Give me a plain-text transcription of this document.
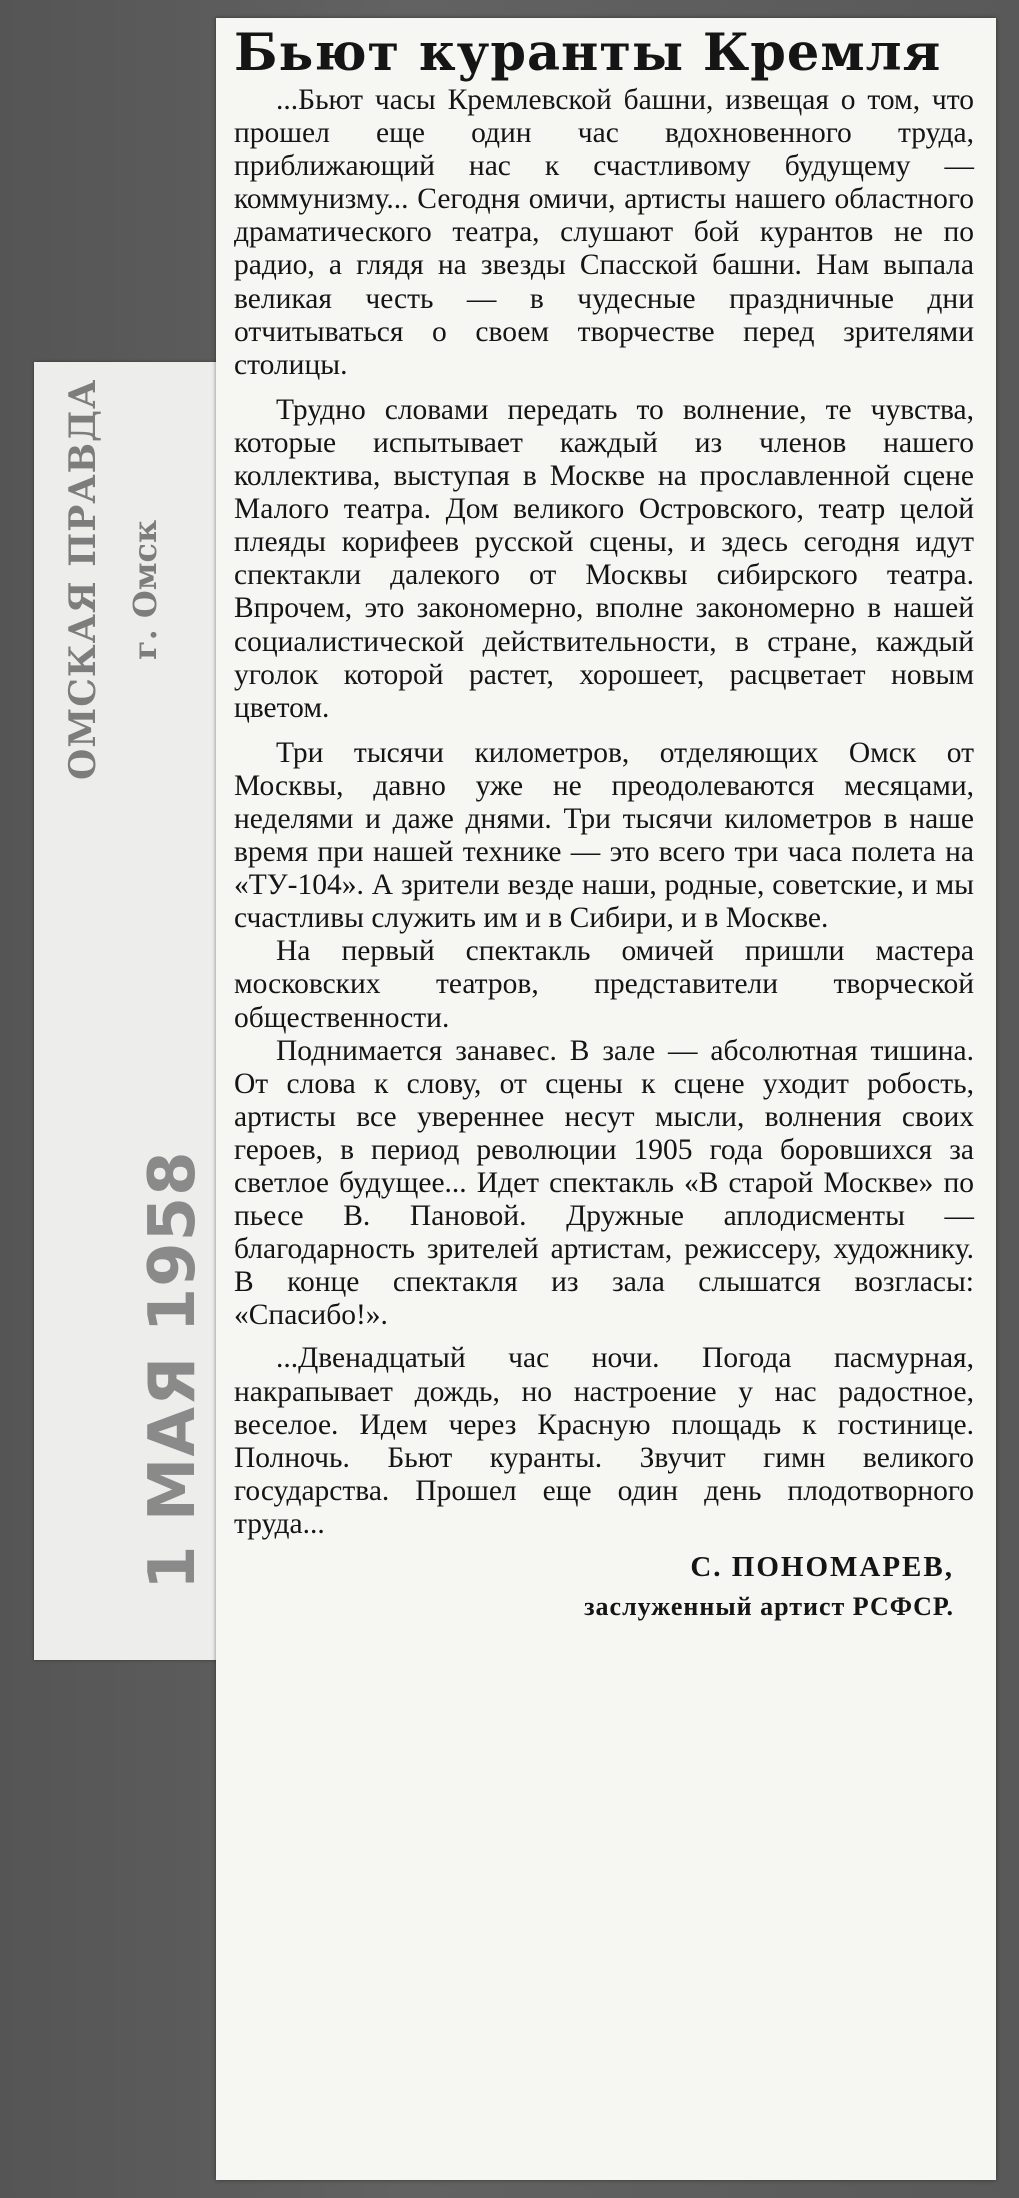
ОМСКАЯ ПРАВДА г. Омск
1 МАЯ 1958
Бьют куранты Кремля

...Бьют часы Кремлевской башни, извещая о том, что прошел еще один час вдохновенного труда, приближающий нас к счастливому будущему — коммунизму... Сегодня омичи, артисты нашего областного драматического театра, слушают бой курантов не по радио, а глядя на звезды Спасской башни. Нам выпала великая честь — в чудесные праздничные дни отчитываться о своем творчестве перед зрителями столицы.

Трудно словами передать то волнение, те чувства, которые испытывает каждый из членов нашего коллектива, выступая в Москве на прославленной сцене Малого театра. Дом великого Островского, театр целой плеяды корифеев русской сцены, и здесь сегодня идут спектакли далекого от Москвы сибирского театра. Впрочем, это закономерно, вполне закономерно в нашей социалистической действительности, в стране, каждый уголок которой растет, хорошеет, расцветает новым цветом.

Три тысячи километров, отделяющих Омск от Москвы, давно уже не преодолеваются месяцами, неделями и даже днями. Три тысячи километров в наше время при нашей технике — это всего три часа полета на «ТУ-104». А зрители везде наши, родные, советские, и мы счастливы служить им и в Сибири, и в Москве.

На первый спектакль омичей пришли мастера московских театров, представители творческой общественности.

Поднимается занавес. В зале — абсолютная тишина. От слова к слову, от сцены к сцене уходит робость, артисты все увереннее несут мысли, волнения своих героев, в период революции 1905 года боровшихся за светлое будущее... Идет спектакль «В старой Москве» по пьесе В. Пановой. Дружные аплодисменты — благодарность зрителей артистам, режиссеру, художнику. В конце спектакля из зала слышатся возгласы: «Спасибо!».

...Двенадцатый час ночи. Погода пасмурная, накрапывает дождь, но настроение у нас радостное, веселое. Идем через Красную площадь к гостинице. Полночь. Бьют куранты. Звучит гимн великого государства. Прошел еще один день плодотворного труда...

С. ПОНОМАРЕВ,
заслуженный артист РСФСР.
